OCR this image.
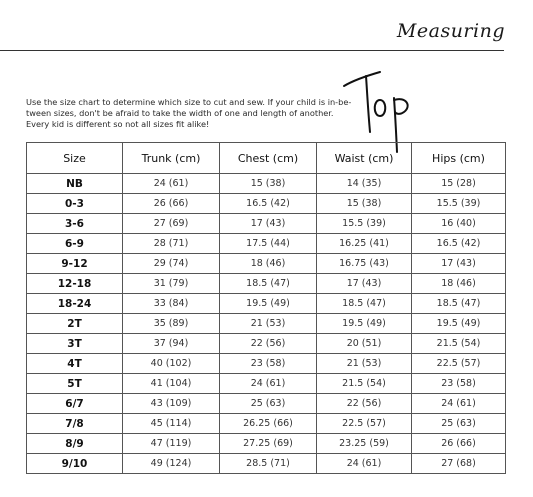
Measuring

Use the size chart to determine which size to cut and sew. If your child is in-be-

tween sizes, don't be afraid to take the width of one and length of another.

Every kid is different so not all sizes fit alike!

Size	Trunk (cm)	Chest (cm)	Waist (cm)	Hips (cm)
NB	24 (61)	15 (38)	14 (35)	15 (28)
0-3	26 (66)	16.5 (42)	15 (38)	15.5 (39)
3-6	27 (69)	17 (43)	15.5 (39)	16 (40)
6-9	28 (71)	17.5 (44)	16.25 (41)	16.5 (42)
9-12	29 (74)	18 (46)	16.75 (43)	17 (43)
12-18	31 (79)	18.5 (47)	17 (43)	18 (46)
18-24	33 (84)	19.5 (49)	18.5 (47)	18.5 (47)
2T	35 (89)	21 (53)	19.5 (49)	19.5 (49)
3T	37 (94)	22 (56)	20 (51)	21.5 (54)
4T	40 (102)	23 (58)	21 (53)	22.5 (57)
5T	41 (104)	24 (61)	21.5 (54)	23 (58)
6/7	43 (109)	25 (63)	22 (56)	24 (61)
7/8	45 (114)	26.25 (66)	22.5 (57)	25 (63)
8/9	47 (119)	27.25 (69)	23.25 (59)	26 (66)
9/10	49 (124)	28.5 (71)	24 (61)	27 (68)
